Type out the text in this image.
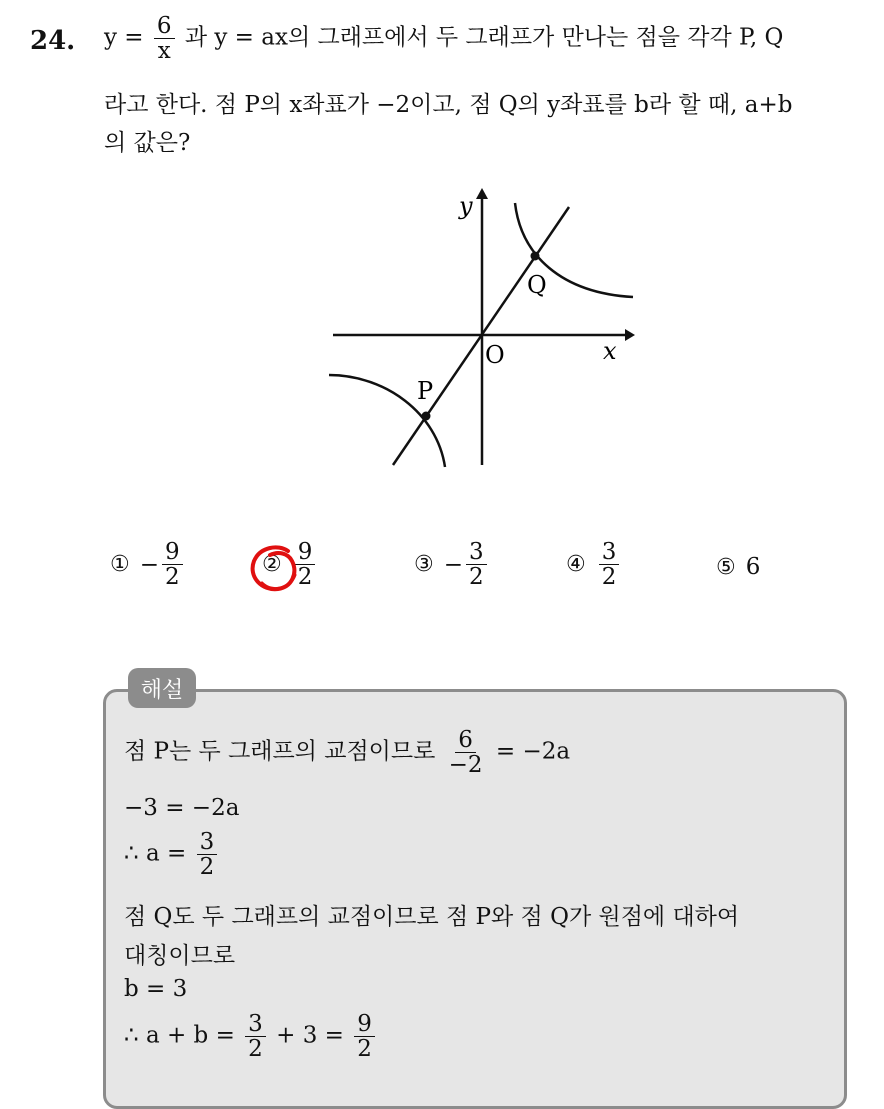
24. $y = \frac{6}{x}$ 과 y = ax의 그래프에서 두 그래프가 만나는 점을 각각 P, Q
라고 한다. 점 P의 x좌표가 −2이고, 점 Q의 y좌표를 b라 할 때, a+b
의 값은?
y
x
O
Q
P
① − $\frac{9}{2}$	② $\frac{9}{2}$	③ − $\frac{3}{2}$	④ $\frac{3}{2}$	⑤ 6
해설
점 P는 두 그래프의 교점이므로 $\frac{6}{-2} = -2a$
−3 = −2a
∴ $a = \frac{3}{2}$
점 Q도 두 그래프의 교점이므로 점 P와 점 Q가 원점에 대하여
대칭이므로
b = 3
∴ $a + b = \frac{3}{2} + 3 = \frac{9}{2}$
